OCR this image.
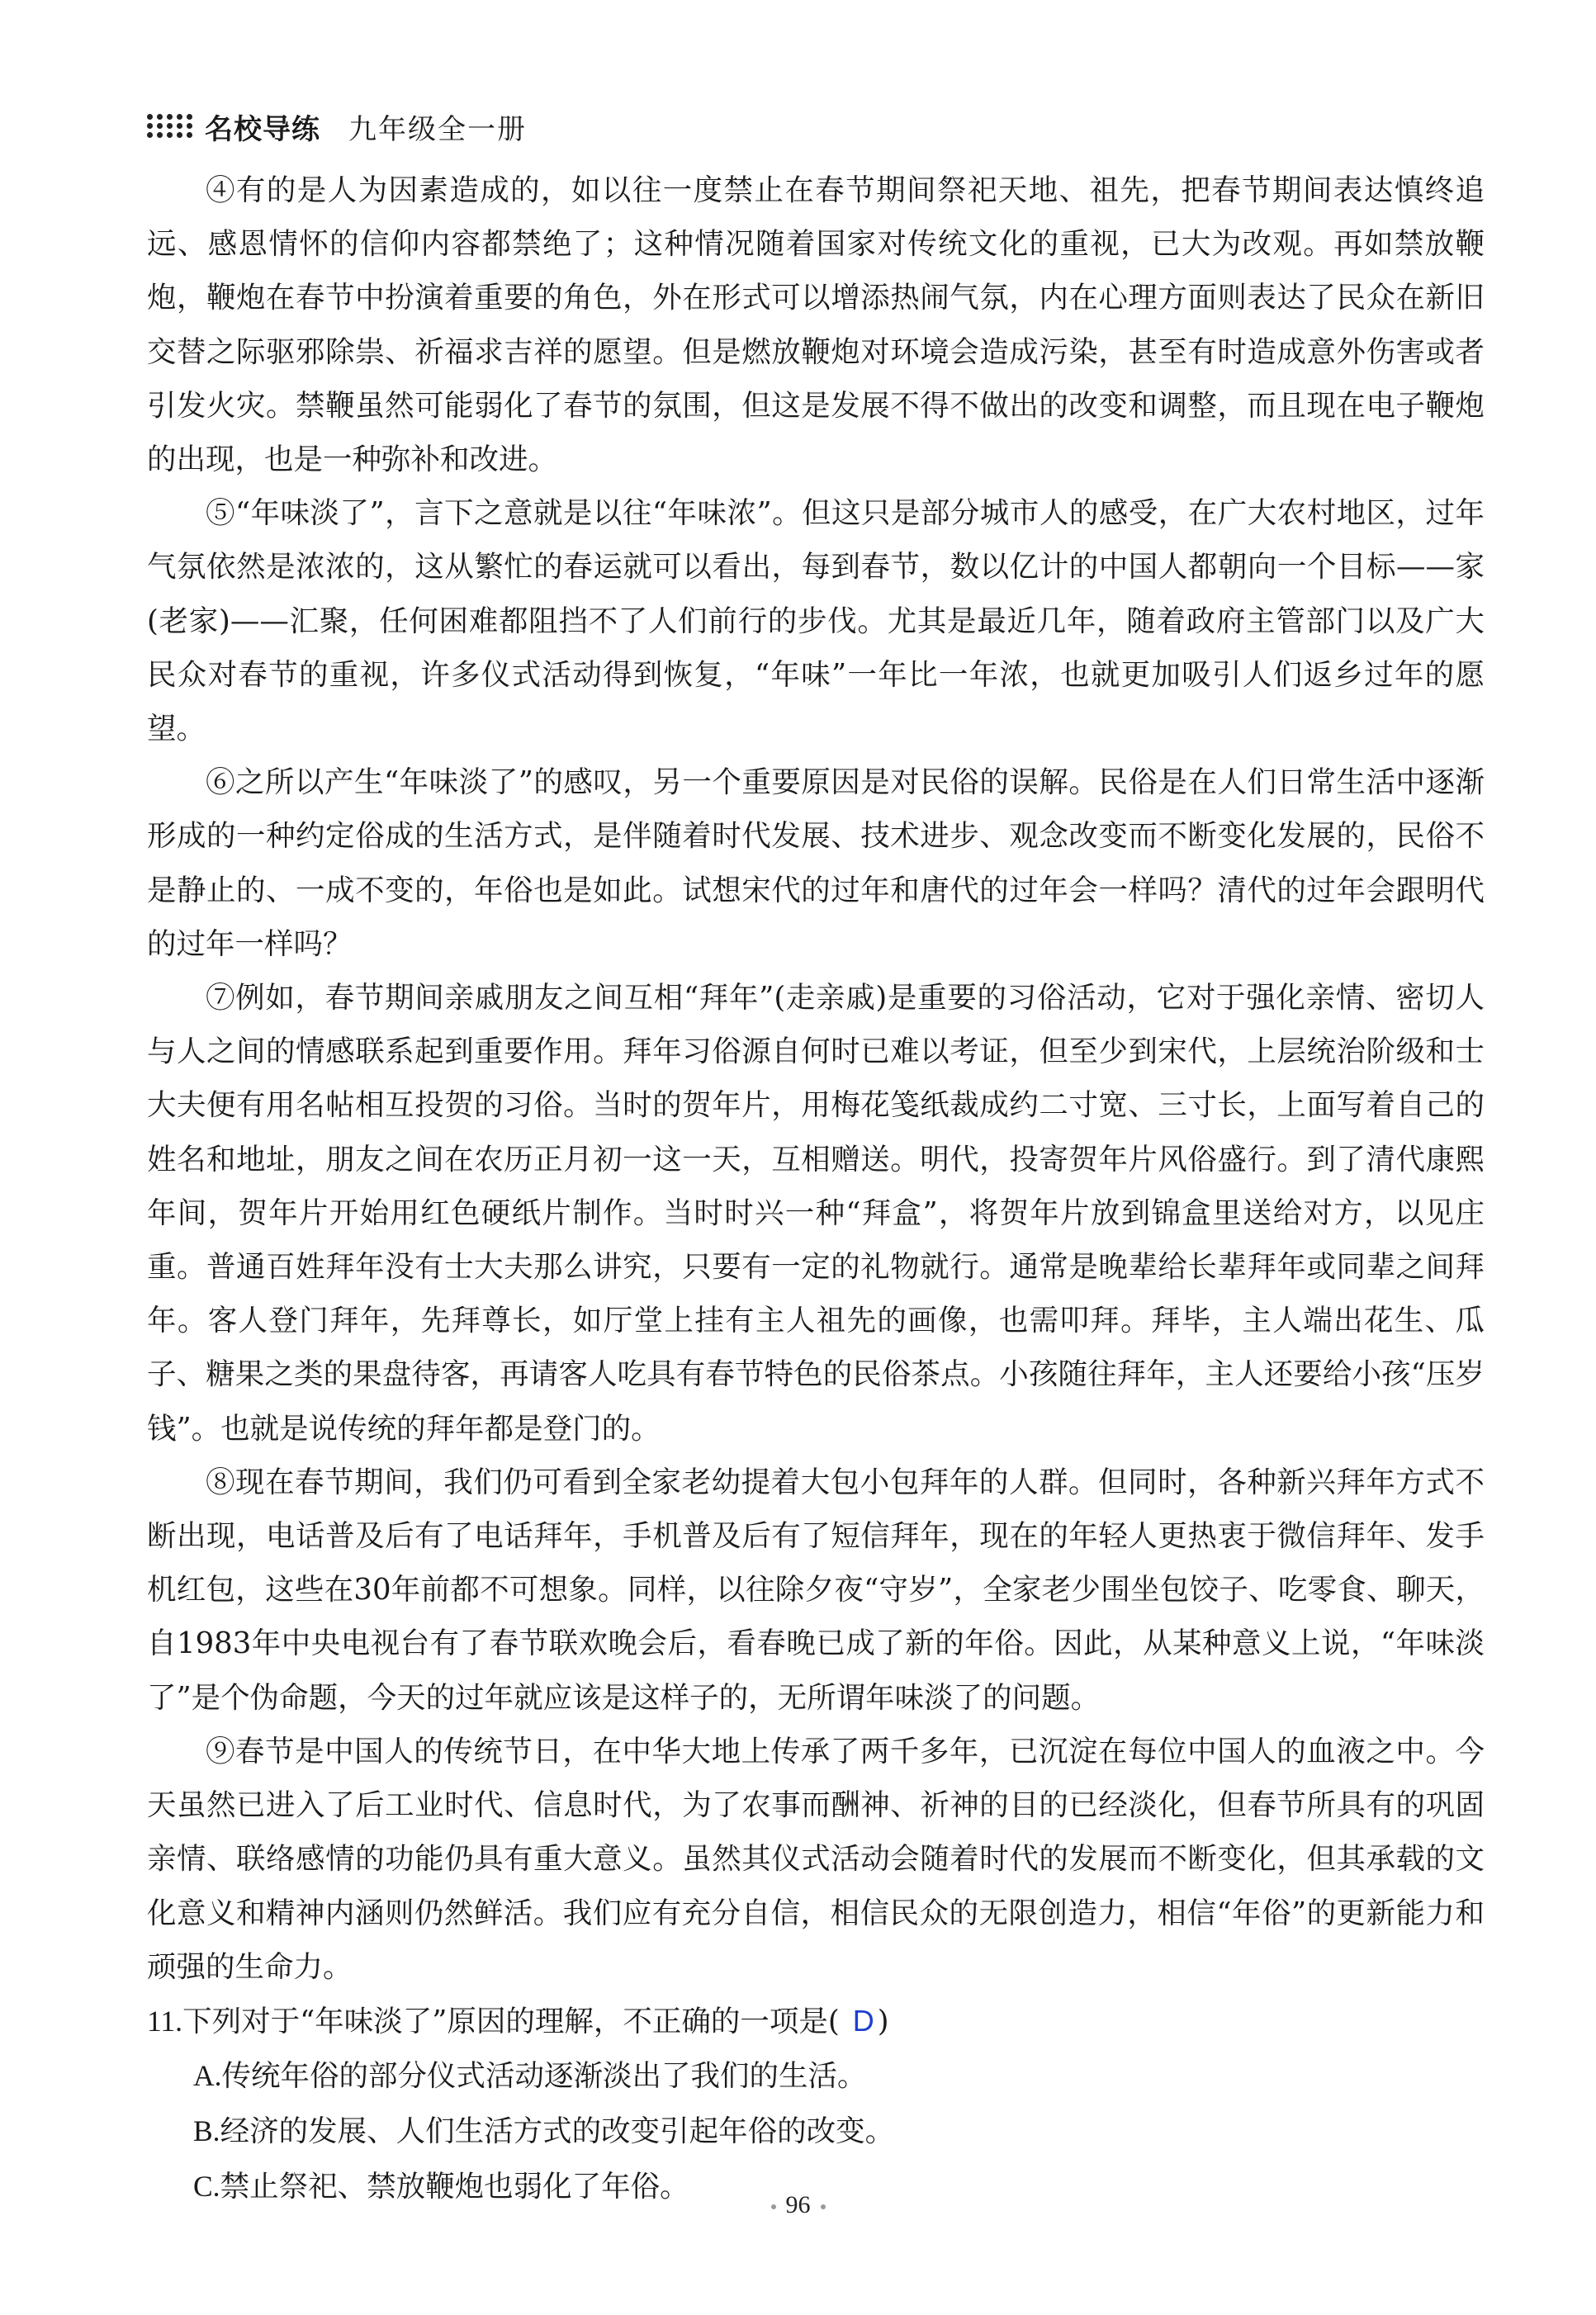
名校导练 九年级全一册

④有的是人为因素造成的，如以往一度禁止在春节期间祭祀天地、祖先，把春节期间表达慎终追远、感恩情怀的信仰内容都禁绝了；这种情况随着国家对传统文化的重视，已大为改观。再如禁放鞭炮，鞭炮在春节中扮演着重要的角色，外在形式可以增添热闹气氛，内在心理方面则表达了民众在新旧交替之际驱邪除祟、祈福求吉祥的愿望。但是燃放鞭炮对环境会造成污染，甚至有时造成意外伤害或者引发火灾。禁鞭虽然可能弱化了春节的氛围，但这是发展不得不做出的改变和调整，而且现在电子鞭炮的出现，也是一种弥补和改进。

⑤“年味淡了”，言下之意就是以往“年味浓”。但这只是部分城市人的感受，在广大农村地区，过年气氛依然是浓浓的，这从繁忙的春运就可以看出，每到春节，数以亿计的中国人都朝向一个目标——家(老家)——汇聚，任何困难都阻挡不了人们前行的步伐。尤其是最近几年，随着政府主管部门以及广大民众对春节的重视，许多仪式活动得到恢复，“年味”一年比一年浓，也就更加吸引人们返乡过年的愿望。

⑥之所以产生“年味淡了”的感叹，另一个重要原因是对民俗的误解。民俗是在人们日常生活中逐渐形成的一种约定俗成的生活方式，是伴随着时代发展、技术进步、观念改变而不断变化发展的，民俗不是静止的、一成不变的，年俗也是如此。试想宋代的过年和唐代的过年会一样吗？清代的过年会跟明代的过年一样吗？

⑦例如，春节期间亲戚朋友之间互相“拜年”(走亲戚)是重要的习俗活动，它对于强化亲情、密切人与人之间的情感联系起到重要作用。拜年习俗源自何时已难以考证，但至少到宋代，上层统治阶级和士大夫便有用名帖相互投贺的习俗。当时的贺年片，用梅花笺纸裁成约二寸宽、三寸长，上面写着自己的姓名和地址，朋友之间在农历正月初一这一天，互相赠送。明代，投寄贺年片风俗盛行。到了清代康熙年间，贺年片开始用红色硬纸片制作。当时时兴一种“拜盒”，将贺年片放到锦盒里送给对方，以见庄重。普通百姓拜年没有士大夫那么讲究，只要有一定的礼物就行。通常是晚辈给长辈拜年或同辈之间拜年。客人登门拜年，先拜尊长，如厅堂上挂有主人祖先的画像，也需叩拜。拜毕，主人端出花生、瓜子、糖果之类的果盘待客，再请客人吃具有春节特色的民俗茶点。小孩随往拜年，主人还要给小孩“压岁钱”。也就是说传统的拜年都是登门的。

⑧现在春节期间，我们仍可看到全家老幼提着大包小包拜年的人群。但同时，各种新兴拜年方式不断出现，电话普及后有了电话拜年，手机普及后有了短信拜年，现在的年轻人更热衷于微信拜年、发手机红包，这些在30年前都不可想象。同样，以往除夕夜“守岁”，全家老少围坐包饺子、吃零食、聊天，自1983年中央电视台有了春节联欢晚会后，看春晚已成了新的年俗。因此，从某种意义上说，“年味淡了”是个伪命题，今天的过年就应该是这样子的，无所谓年味淡了的问题。

⑨春节是中国人的传统节日，在中华大地上传承了两千多年，已沉淀在每位中国人的血液之中。今天虽然已进入了后工业时代、信息时代，为了农事而酬神、祈神的目的已经淡化，但春节所具有的巩固亲情、联络感情的功能仍具有重大意义。虽然其仪式活动会随着时代的发展而不断变化，但其承载的文化意义和精神内涵则仍然鲜活。我们应有充分自信，相信民众的无限创造力，相信“年俗”的更新能力和顽强的生命力。

11.下列对于“年味淡了”原因的理解，不正确的一项是( D )

A.传统年俗的部分仪式活动逐渐淡出了我们的生活。

B.经济的发展、人们生活方式的改变引起年俗的改变。

C.禁止祭祀、禁放鞭炮也弱化了年俗。

96
